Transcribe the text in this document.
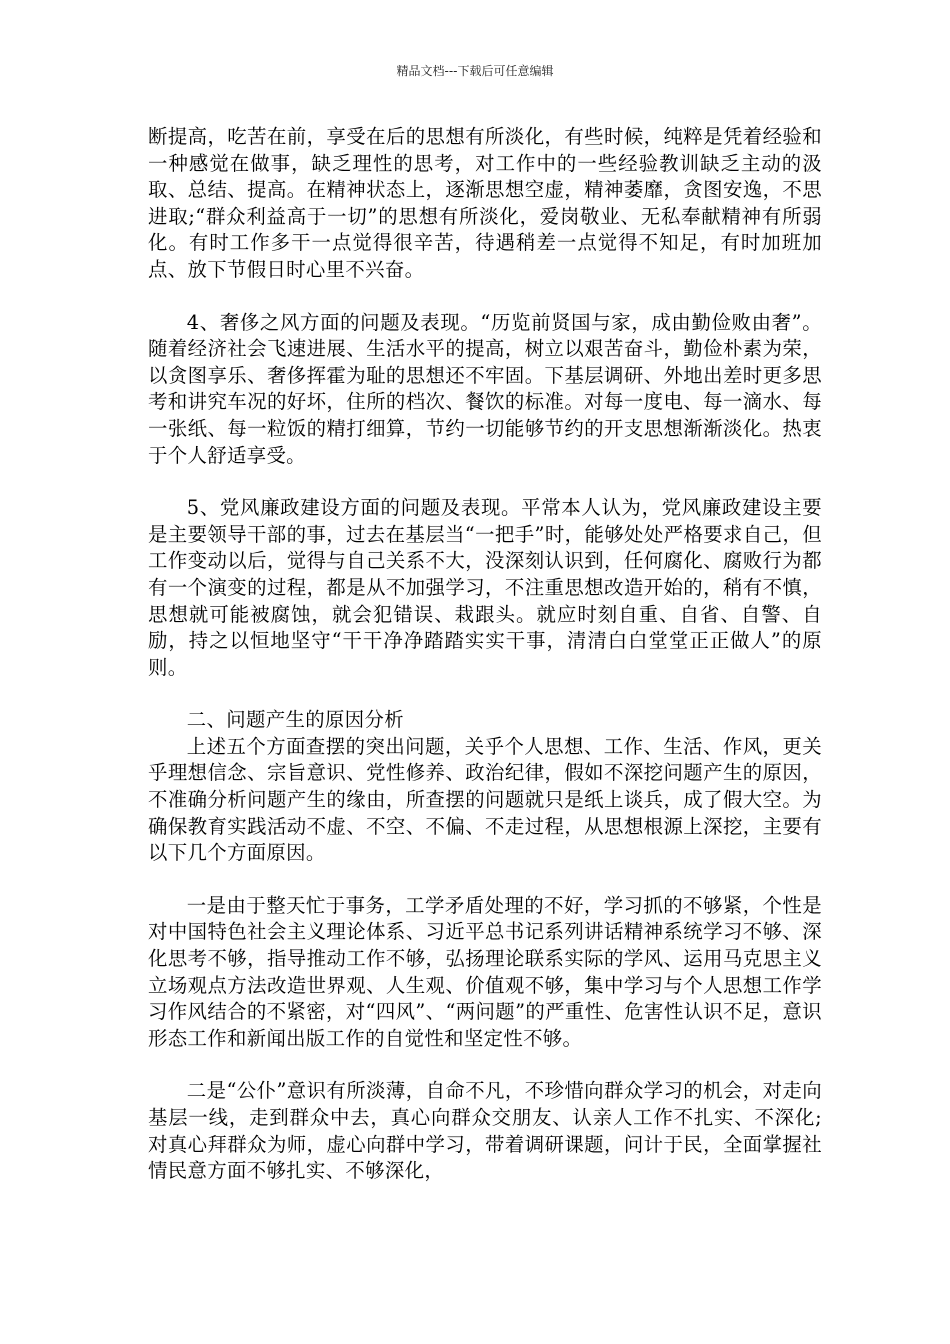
精品文档---下载后可任意编辑

断提高，吃苦在前，享受在后的思想有所淡化，有些时候，纯粹是凭着经验和一种感觉在做事，缺乏理性的思考，对工作中的一些经验教训缺乏主动的汲取、总结、提高。在精神状态上，逐渐思想空虚，精神萎靡，贪图安逸，不思进取;“群众利益高于一切”的思想有所淡化，爱岗敬业、无私奉献精神有所弱化。有时工作多干一点觉得很辛苦，待遇稍差一点觉得不知足，有时加班加点、放下节假日时心里不兴奋。

4、奢侈之风方面的问题及表现。“历览前贤国与家，成由勤俭败由奢”。随着经济社会飞速进展、生活水平的提高，树立以艰苦奋斗，勤俭朴素为荣，以贪图享乐、奢侈挥霍为耻的思想还不牢固。下基层调研、外地出差时更多思考和讲究车况的好坏，住所的档次、餐饮的标准。对每一度电、每一滴水、每一张纸、每一粒饭的精打细算，节约一切能够节约的开支思想渐渐淡化。热衷于个人舒适享受。

5、党风廉政建设方面的问题及表现。平常本人认为，党风廉政建设主要是主要领导干部的事，过去在基层当“一把手”时，能够处处严格要求自己，但工作变动以后，觉得与自己关系不大，没深刻认识到，任何腐化、腐败行为都有一个演变的过程，都是从不加强学习，不注重思想改造开始的，稍有不慎，思想就可能被腐蚀，就会犯错误、栽跟头。就应时刻自重、自省、自警、自励，持之以恒地坚守“干干净净踏踏实实干事，清清白白堂堂正正做人”的原则。

二、问题产生的原因分析

上述五个方面查摆的突出问题，关乎个人思想、工作、生活、作风，更关乎理想信念、宗旨意识、党性修养、政治纪律，假如不深挖问题产生的原因，不准确分析问题产生的缘由，所查摆的问题就只是纸上谈兵，成了假大空。为确保教育实践活动不虚、不空、不偏、不走过程，从思想根源上深挖，主要有以下几个方面原因。

一是由于整天忙于事务，工学矛盾处理的不好，学习抓的不够紧，个性是对中国特色社会主义理论体系、习近平总书记系列讲话精神系统学习不够、深化思考不够，指导推动工作不够，弘扬理论联系实际的学风、运用马克思主义立场观点方法改造世界观、人生观、价值观不够，集中学习与个人思想工作学习作风结合的不紧密，对“四风”、“两问题”的严重性、危害性认识不足，意识形态工作和新闻出版工作的自觉性和坚定性不够。

二是“公仆”意识有所淡薄，自命不凡，不珍惜向群众学习的机会，对走向基层一线，走到群众中去，真心向群众交朋友、认亲人工作不扎实、不深化;对真心拜群众为师，虚心向群中学习，带着调研课题，问计于民，全面掌握社情民意方面不够扎实、不够深化，
